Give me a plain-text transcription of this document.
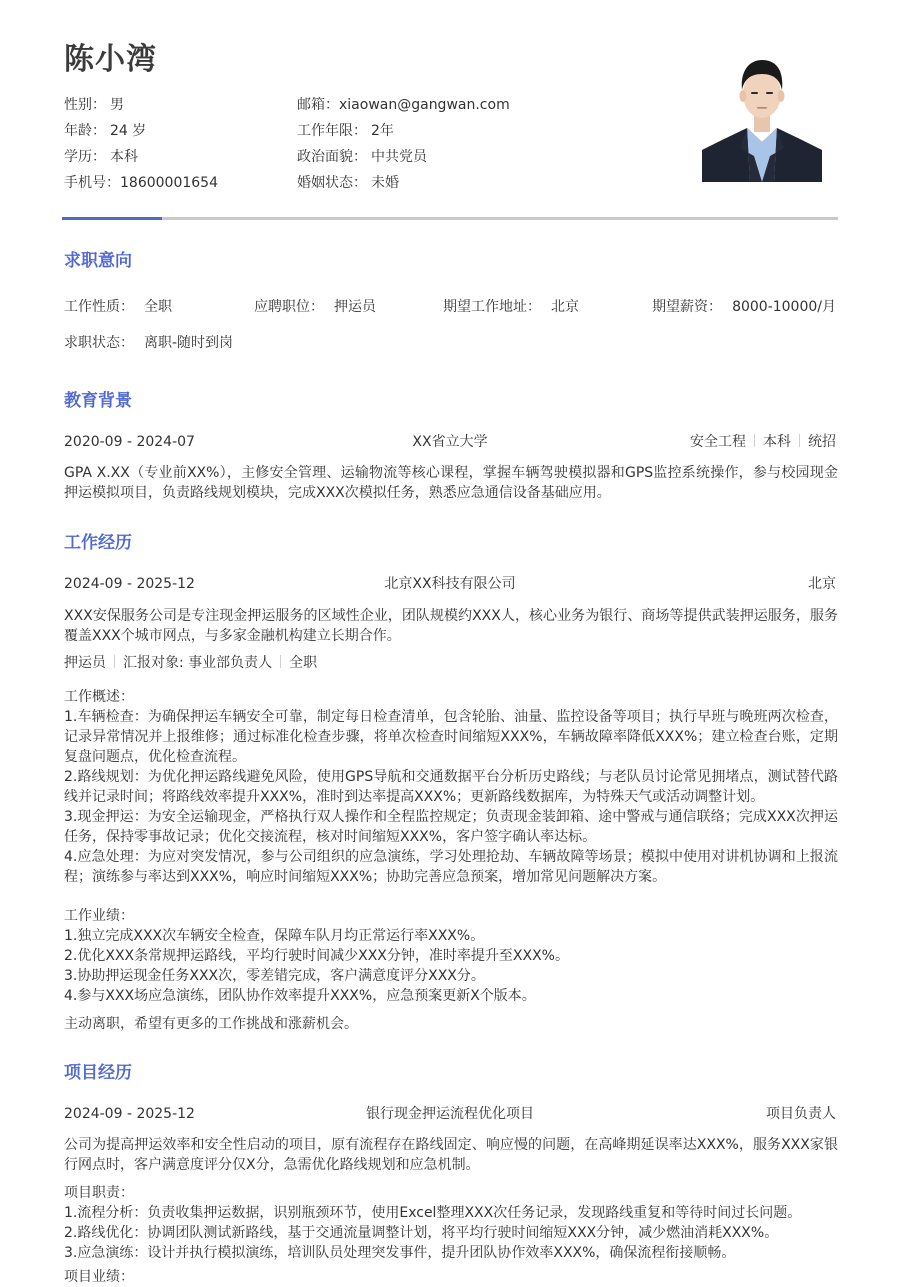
陈小湾
性别： 男
年龄： 24 岁
学历： 本科
手机号：18600001654
邮箱：xiaowan@gangwan.com
工作年限： 2年
政治面貌： 中共党员
婚姻状态： 未婚
求职意向
工作性质： 全职	应聘职位： 押运员	期望工作地址： 北京	期望薪资： 8000-10000/月
求职状态： 离职-随时到岗
教育背景
2020-09 - 2024-07	XX省立大学	安全工程 本科 统招
GPA X.XX（专业前XX%），主修安全管理、运输物流等核心课程，掌握车辆驾驶模拟器和GPS监控系统操作，参与校园现金押运模拟项目，负责路线规划模块，完成XXX次模拟任务，熟悉应急通信设备基础应用。
工作经历
2024-09 - 2025-12	北京XX科技有限公司	北京
XXX安保服务公司是专注现金押运服务的区域性企业，团队规模约XXX人，核心业务为银行、商场等提供武装押运服务，服务覆盖XXX个城市网点，与多家金融机构建立长期合作。
押运员 汇报对象: 事业部负责人 全职
工作概述：
1.车辆检查：为确保押运车辆安全可靠，制定每日检查清单，包含轮胎、油量、监控设备等项目；执行早班与晚班两次检查，记录异常情况并上报维修；通过标准化检查步骤，将单次检查时间缩短XXX%，车辆故障率降低XXX%；建立检查台账，定期复盘问题点，优化检查流程。
2.路线规划：为优化押运路线避免风险，使用GPS导航和交通数据平台分析历史路线；与老队员讨论常见拥堵点，测试替代路线并记录时间；将路线效率提升XXX%，准时到达率提高XXX%；更新路线数据库，为特殊天气或活动调整计划。
3.现金押运：为安全运输现金，严格执行双人操作和全程监控规定；负责现金装卸箱、途中警戒与通信联络；完成XXX次押运任务，保持零事故记录；优化交接流程，核对时间缩短XXX%，客户签字确认率达标。
4.应急处理：为应对突发情况，参与公司组织的应急演练，学习处理抢劫、车辆故障等场景；模拟中使用对讲机协调和上报流程；演练参与率达到XXX%，响应时间缩短XXX%；协助完善应急预案，增加常见问题解决方案。
工作业绩：
1.独立完成XXX次车辆安全检查，保障车队月均正常运行率XXX%。
2.优化XXX条常规押运路线，平均行驶时间减少XXX分钟，准时率提升至XXX%。
3.协助押运现金任务XXX次，零差错完成，客户满意度评分XXX分。
4.参与XXX场应急演练，团队协作效率提升XXX%，应急预案更新X个版本。
主动离职，希望有更多的工作挑战和涨薪机会。
项目经历
2024-09 - 2025-12	银行现金押运流程优化项目	项目负责人
公司为提高押运效率和安全性启动的项目，原有流程存在路线固定、响应慢的问题，在高峰期延误率达XXX%，服务XXX家银行网点时，客户满意度评分仅X分，急需优化路线规划和应急机制。
项目职责：
1.流程分析：负责收集押运数据，识别瓶颈环节，使用Excel整理XXX次任务记录，发现路线重复和等待时间过长问题。
2.路线优化：协调团队测试新路线，基于交通流量调整计划，将平均行驶时间缩短XXX分钟，减少燃油消耗XXX%。
3.应急演练：设计并执行模拟演练，培训队员处理突发事件，提升团队协作效率XXX%，确保流程衔接顺畅。
项目业绩：
